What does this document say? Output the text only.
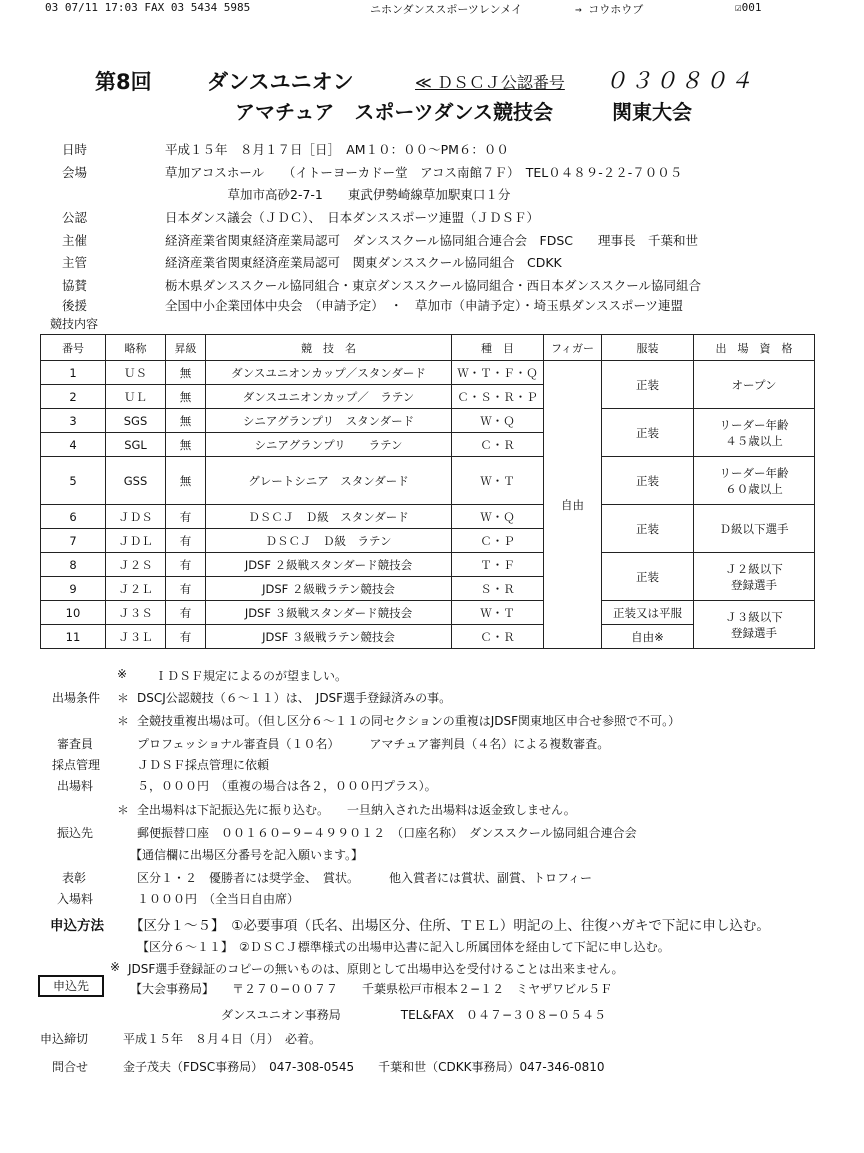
03 07/11 17:03 FAX 03 5434 5985	ニホンダンススポーツレンメイ	→ コウホウブ	☑001
第8回	ダンスユニオン	≪ ＤＳＣＪ公認番号 ０３０８０４
アマチュア　スポーツダンス競技会	関東大会
日時	平成１５年　８月１７日［日］　AM１０：００〜PM６：００
会場	草加アコスホール　　（イトーヨーカドー堂　アコス南館７Ｆ）　TEL０４８９-２２-７００５
　　　　　草加市高砂2-7-1　　東武伊勢崎線草加駅東口１分
公認	日本ダンス議会（ＪＤＣ）、　日本ダンススポーツ連盟（ＪＤＳＦ）
主催	経済産業省関東経済産業局認可　ダンススクール協同組合連合会　FDSC　　理事長　千葉和世
主管	経済産業省関東経済産業局認可　関東ダンススクール協同組合　CDKK
協賛	栃木県ダンススクール協同組合・東京ダンススクール協同組合・西日本ダンススクール協同組合
後援	全国中小企業団体中央会　（申請予定）　・　草加市（申請予定）・埼玉県ダンススポーツ連盟
競技内容
番号	略称	昇級	競　技　名	種　目	フィガー	服装	出　場　資　格
1	ＵＳ	無	ダンスユニオンカップ／スタンダード	Ｗ・Ｔ・Ｆ・Ｑ	自由	正装	オープン
2	ＵＬ	無	ダンスユニオンカップ／　ラテン	Ｃ・Ｓ・Ｒ・Ｐ			
3	SGS	無	シニアグランプリ　スタンダード	Ｗ・Ｑ		正装	リーダー年齢
４５歳以上

4	SGL	無	シニアグランプリ　　ラテン	Ｃ・Ｒ			
5	GSS	無	グレートシニア　スタンダード	Ｗ・Ｔ		正装	リーダー年齢
６０歳以上

6	ＪＤＳ	有	ＤＳＣＪ　Ｄ級　スタンダード	Ｗ・Ｑ		正装	Ｄ級以下選手
7	ＪＤＬ	有	ＤＳＣＪ　Ｄ級　ラテン	Ｃ・Ｐ			
8	Ｊ２Ｓ	有	JDSF ２級戦スタンダード競技会	Ｔ・Ｆ		正装	Ｊ２級以下
登録選手

9	Ｊ２Ｌ	有	JDSF ２級戦ラテン競技会	Ｓ・Ｒ			
10	Ｊ３Ｓ	有	JDSF ３級戦スタンダード競技会	Ｗ・Ｔ		正装又は平服	Ｊ３級以下
登録選手

11	Ｊ３Ｌ	有	JDSF ３級戦ラテン競技会	Ｃ・Ｒ		自由※	
※ ＩＤＳＦ規定によるのが望ましい。
出場条件 ＊ DSCJ公認競技（６〜１１）は、　JDSF選手登録済みの事。
＊ 全競技重複出場は可。（但し区分６〜１１の同セクションの重複はJDSF関東地区申合せ参照で不可。）
審査員	プロフェッショナル審査員（１０名）　　　アマチュア審判員（４名）による複数審査。
採点管理	ＪＤＳＦ採点管理に依頼
出場料	５，０００円　（重複の場合は各２，０００円プラス）。
＊ 全出場料は下記振込先に振り込む。　　一旦納入された出場料は返金致しません。
振込先	郵便振替口座　００１６０−９−４９９０１２　（口座名称）　ダンススクール協同組合連合会
【通信欄に出場区分番号を記入願います。】
表彰	区分１・２　優勝者には奨学金、　賞状。　　　他入賞者には賞状、副賞、トロフィー
入場料	１０００円　（全当日自由席）
申込方法 【区分１〜５】　①必要事項（氏名、出場区分、住所、ＴＥＬ）明記の上、往復ハガキで下記に申し込む。
【区分６〜１１】　②ＤＳＣＪ標準様式の出場申込書に記入し所属団体を経由して下記に申し込む。
※ JDSF選手登録証のコピーの無いものは、原則として出場申込を受付けることは出来ません。
申込先	【大会事務局】　　〒２７０−００７７　　千葉県松戸市根本２−１２　ミヤザワビル５Ｆ
　　　　　　　ダンスユニオン事務局　　　　　TEL&FAX　０４７−３０８−０５４５
申込締切	平成１５年　８月４日（月）　必着。
問合せ	金子茂夫（FDSC事務局）　047-308-0545　　千葉和世（CDKK事務局）047-346-0810
